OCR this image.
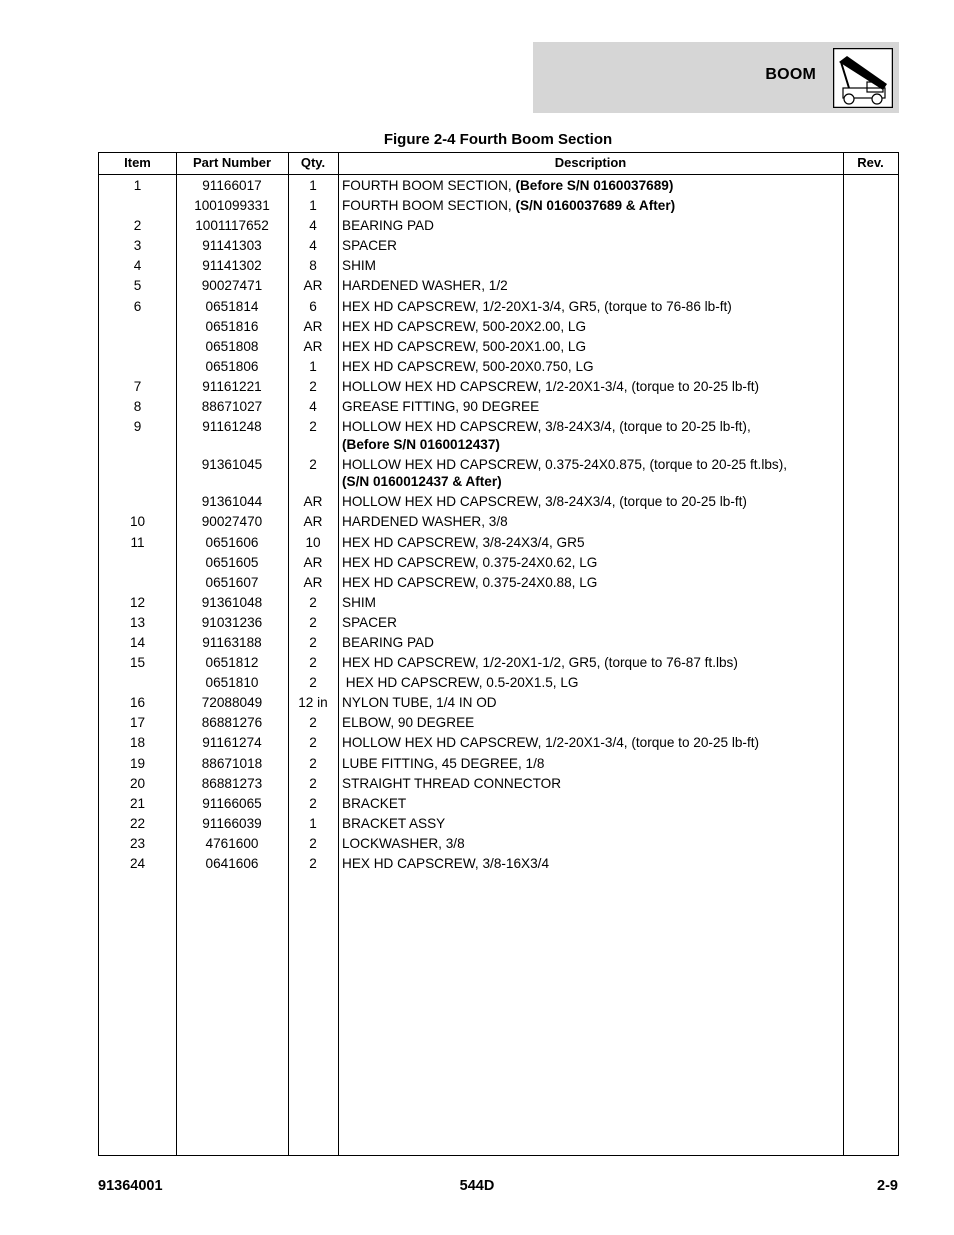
BOOM
Figure 2-4 Fourth Boom Section
Item	Part Number	Qty.	Description	Rev.
1	91166017	1	FOURTH BOOM SECTION, (Before S/N 0160037689)
1001099331	1	FOURTH BOOM SECTION, (S/N 0160037689 & After)
2	1001117652	4	BEARING PAD
3	91141303	4	SPACER
4	91141302	8	SHIM
5	90027471	AR	HARDENED WASHER, 1/2
6	0651814	6	HEX HD CAPSCREW, 1/2-20X1-3/4, GR5, (torque to 76-86 lb-ft)
0651816	AR	HEX HD CAPSCREW, 500-20X2.00, LG
0651808	AR	HEX HD CAPSCREW, 500-20X1.00, LG
0651806	1	HEX HD CAPSCREW, 500-20X0.750, LG
7	91161221	2	HOLLOW HEX HD CAPSCREW, 1/2-20X1-3/4, (torque to 20-25 lb-ft)
8	88671027	4	GREASE FITTING, 90 DEGREE
9	91161248	2	HOLLOW HEX HD CAPSCREW, 3/8-24X3/4, (torque to 20-25 lb-ft),
(Before S/N 0160012437)
91361045	2	HOLLOW HEX HD CAPSCREW, 0.375-24X0.875, (torque to 20-25 ft.lbs),
(S/N 0160012437 & After)
91361044	AR	HOLLOW HEX HD CAPSCREW, 3/8-24X3/4, (torque to 20-25 lb-ft)
10	90027470	AR	HARDENED WASHER, 3/8
11	0651606	10	HEX HD CAPSCREW, 3/8-24X3/4, GR5
0651605	AR	HEX HD CAPSCREW, 0.375-24X0.62, LG
0651607	AR	HEX HD CAPSCREW, 0.375-24X0.88, LG
12	91361048	2	SHIM
13	91031236	2	SPACER
14	91163188	2	BEARING PAD
15	0651812	2	HEX HD CAPSCREW, 1/2-20X1-1/2, GR5, (torque to 76-87 ft.lbs)
0651810	2	HEX HD CAPSCREW, 0.5-20X1.5, LG
16	72088049	12 in	NYLON TUBE, 1/4 IN OD
17	86881276	2	ELBOW, 90 DEGREE
18	91161274	2	HOLLOW HEX HD CAPSCREW, 1/2-20X1-3/4, (torque to 20-25 lb-ft)
19	88671018	2	LUBE FITTING, 45 DEGREE, 1/8
20	86881273	2	STRAIGHT THREAD CONNECTOR
21	91166065	2	BRACKET
22	91166039	1	BRACKET ASSY
23	4761600	2	LOCKWASHER, 3/8
24	0641606	2	HEX HD CAPSCREW, 3/8-16X3/4
91364001	544D	2-9
